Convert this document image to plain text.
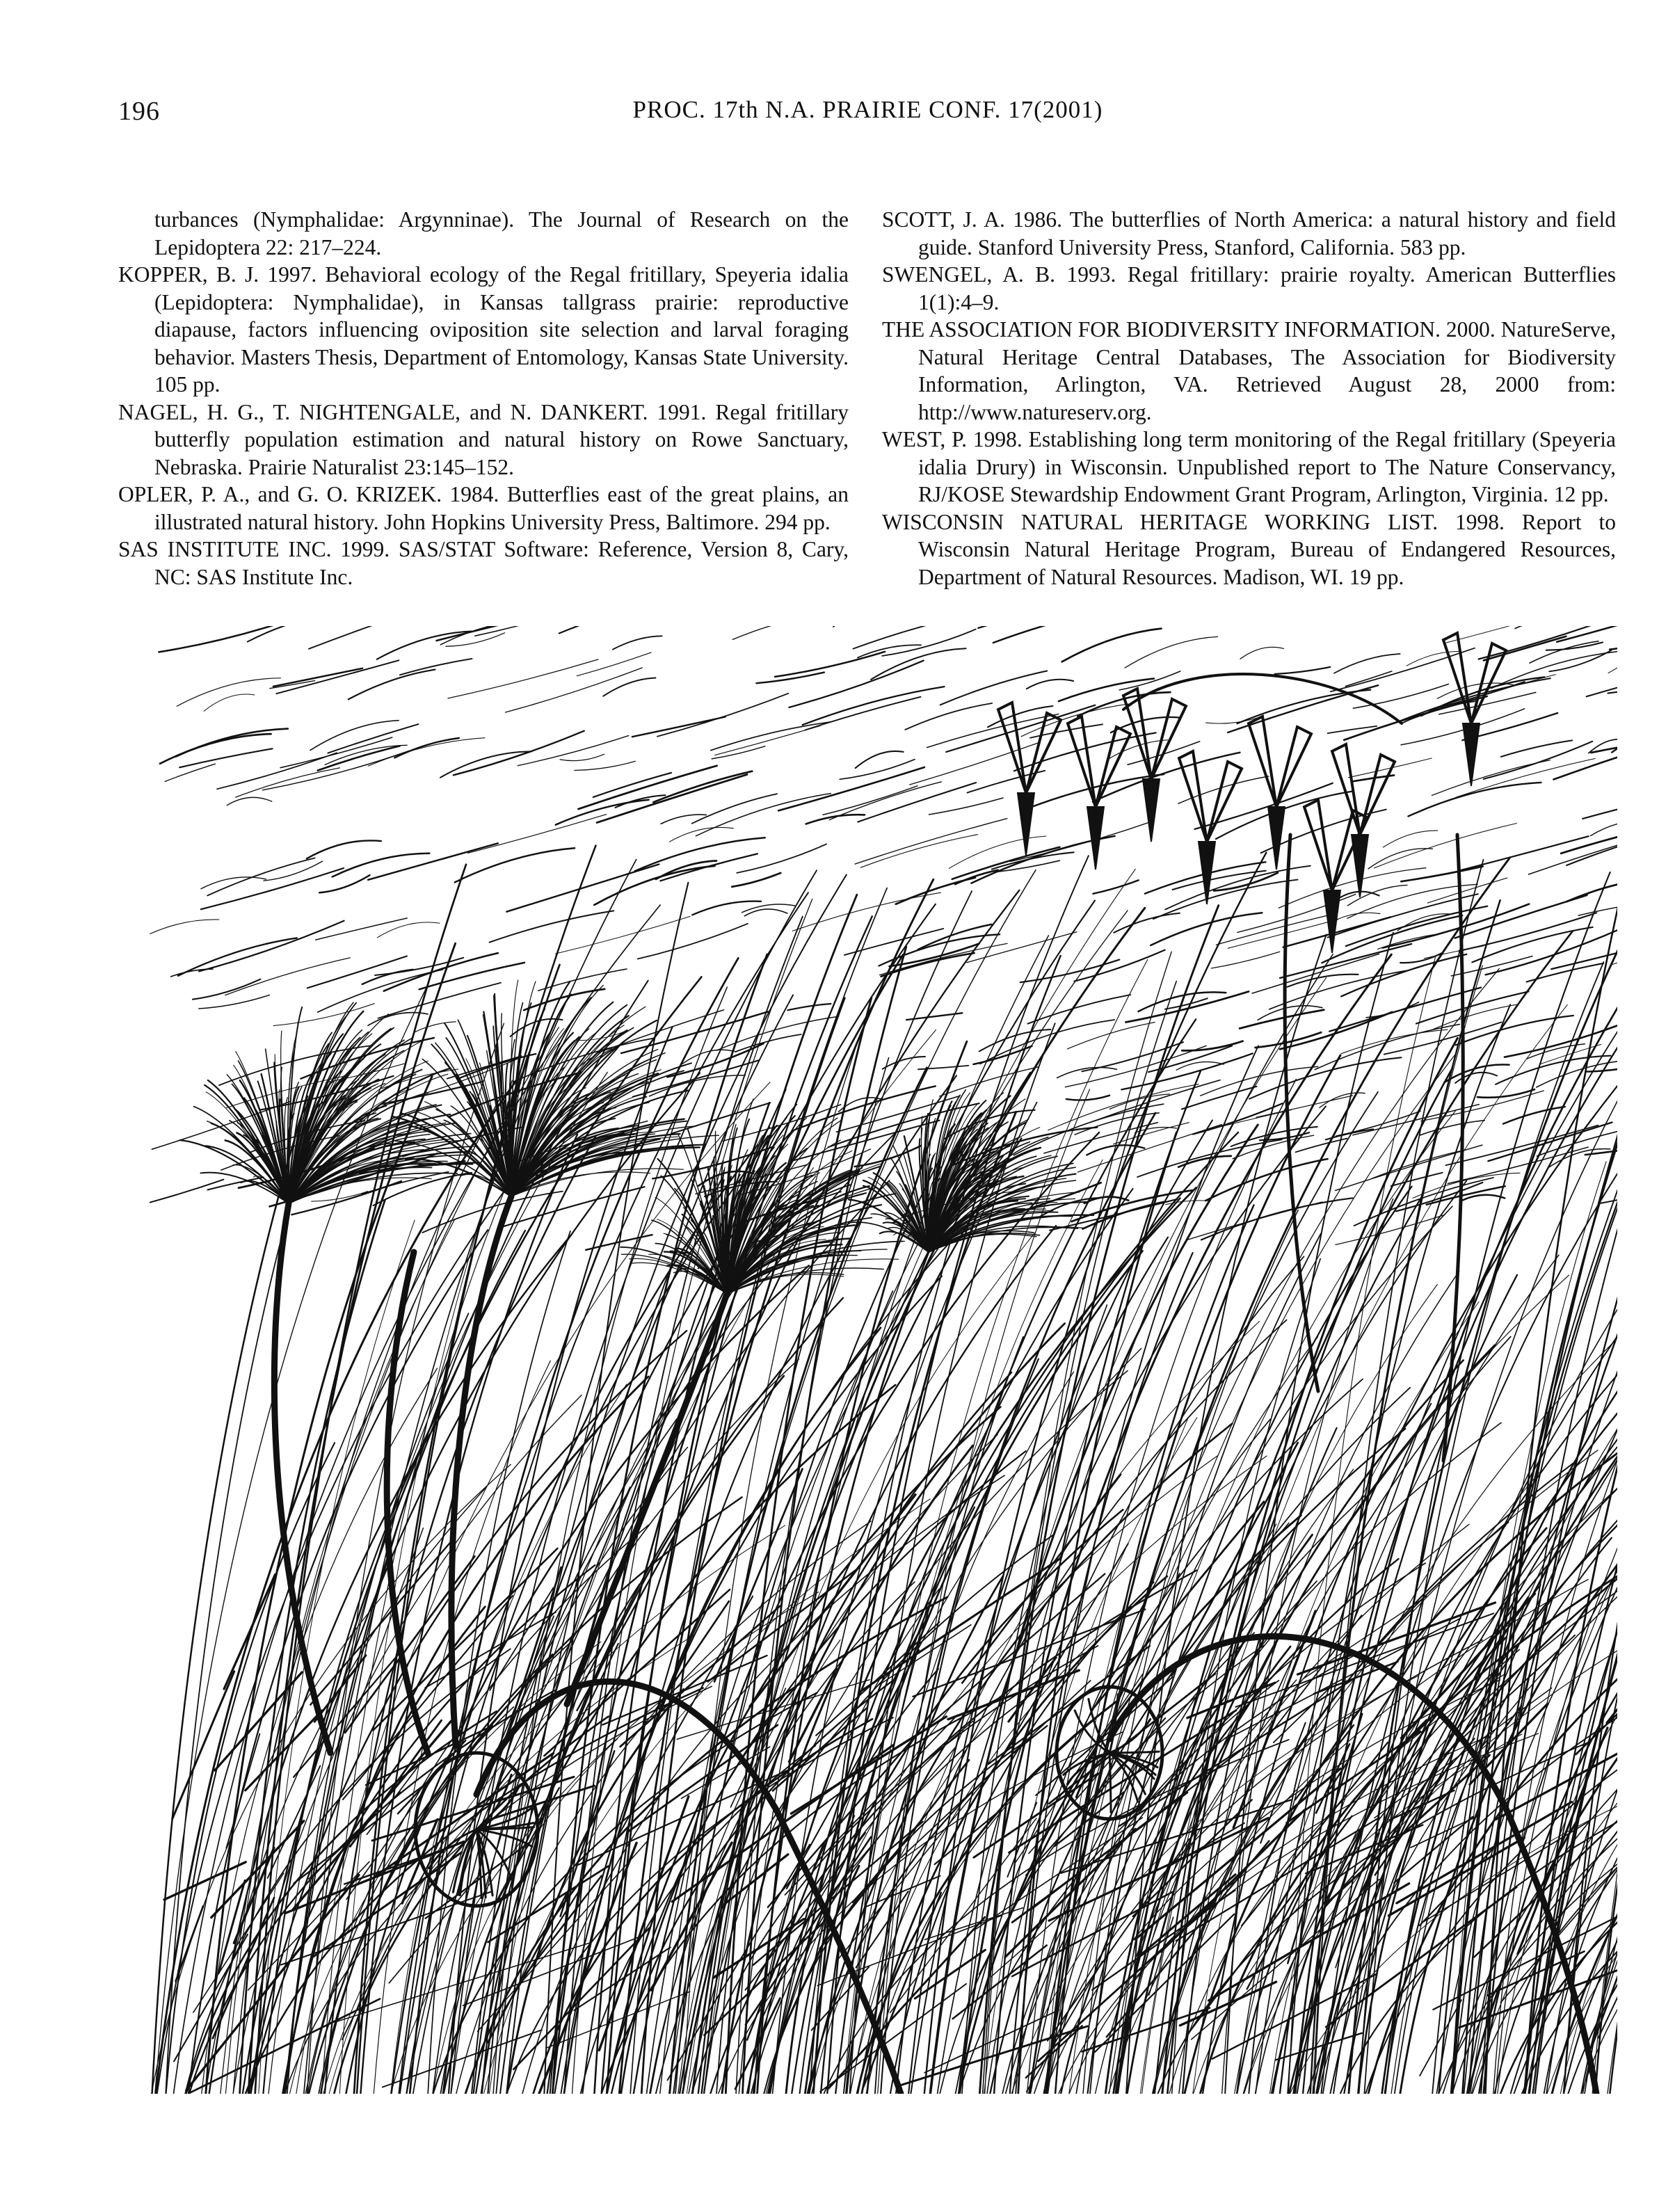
196	PROC. 17th N.A. PRAIRIE CONF. 17(2001)

turbances (Nymphalidae: Argynninae). The Journal of Research on the Lepidoptera 22: 217–224.

KOPPER, B. J. 1997. Behavioral ecology of the Regal fritillary, Speyeria idalia (Lepidoptera: Nymphalidae), in Kansas tallgrass prairie: reproductive diapause, factors influencing oviposition site selection and larval foraging behavior. Masters Thesis, Department of Entomology, Kansas State University. 105 pp.

NAGEL, H. G., T. NIGHTENGALE, and N. DANKERT. 1991. Regal fritillary butterfly population estimation and natural history on Rowe Sanctuary, Nebraska. Prairie Naturalist 23:145–152.

OPLER, P. A., and G. O. KRIZEK. 1984. Butterflies east of the great plains, an illustrated natural history. John Hopkins University Press, Baltimore. 294 pp.

SAS INSTITUTE INC. 1999. SAS/STAT Software: Reference, Version 8, Cary, NC: SAS Institute Inc.

SCOTT, J. A. 1986. The butterflies of North America: a natural history and field guide. Stanford University Press, Stanford, California. 583 pp.

SWENGEL, A. B. 1993. Regal fritillary: prairie royalty. American Butterflies 1(1):4–9.

THE ASSOCIATION FOR BIODIVERSITY INFORMATION. 2000. NatureServe, Natural Heritage Central Databases, The Association for Biodiversity Information, Arlington, VA. Retrieved August 28, 2000 from: http://www.natureserv.org.

WEST, P. 1998. Establishing long term monitoring of the Regal fritillary (Speyeria idalia Drury) in Wisconsin. Unpublished report to The Nature Conservancy, RJ/KOSE Stewardship Endowment Grant Program, Arlington, Virginia. 12 pp.

WISCONSIN NATURAL HERITAGE WORKING LIST. 1998. Report to Wisconsin Natural Heritage Program, Bureau of Endangered Resources, Department of Natural Resources. Madison, WI. 19 pp.
